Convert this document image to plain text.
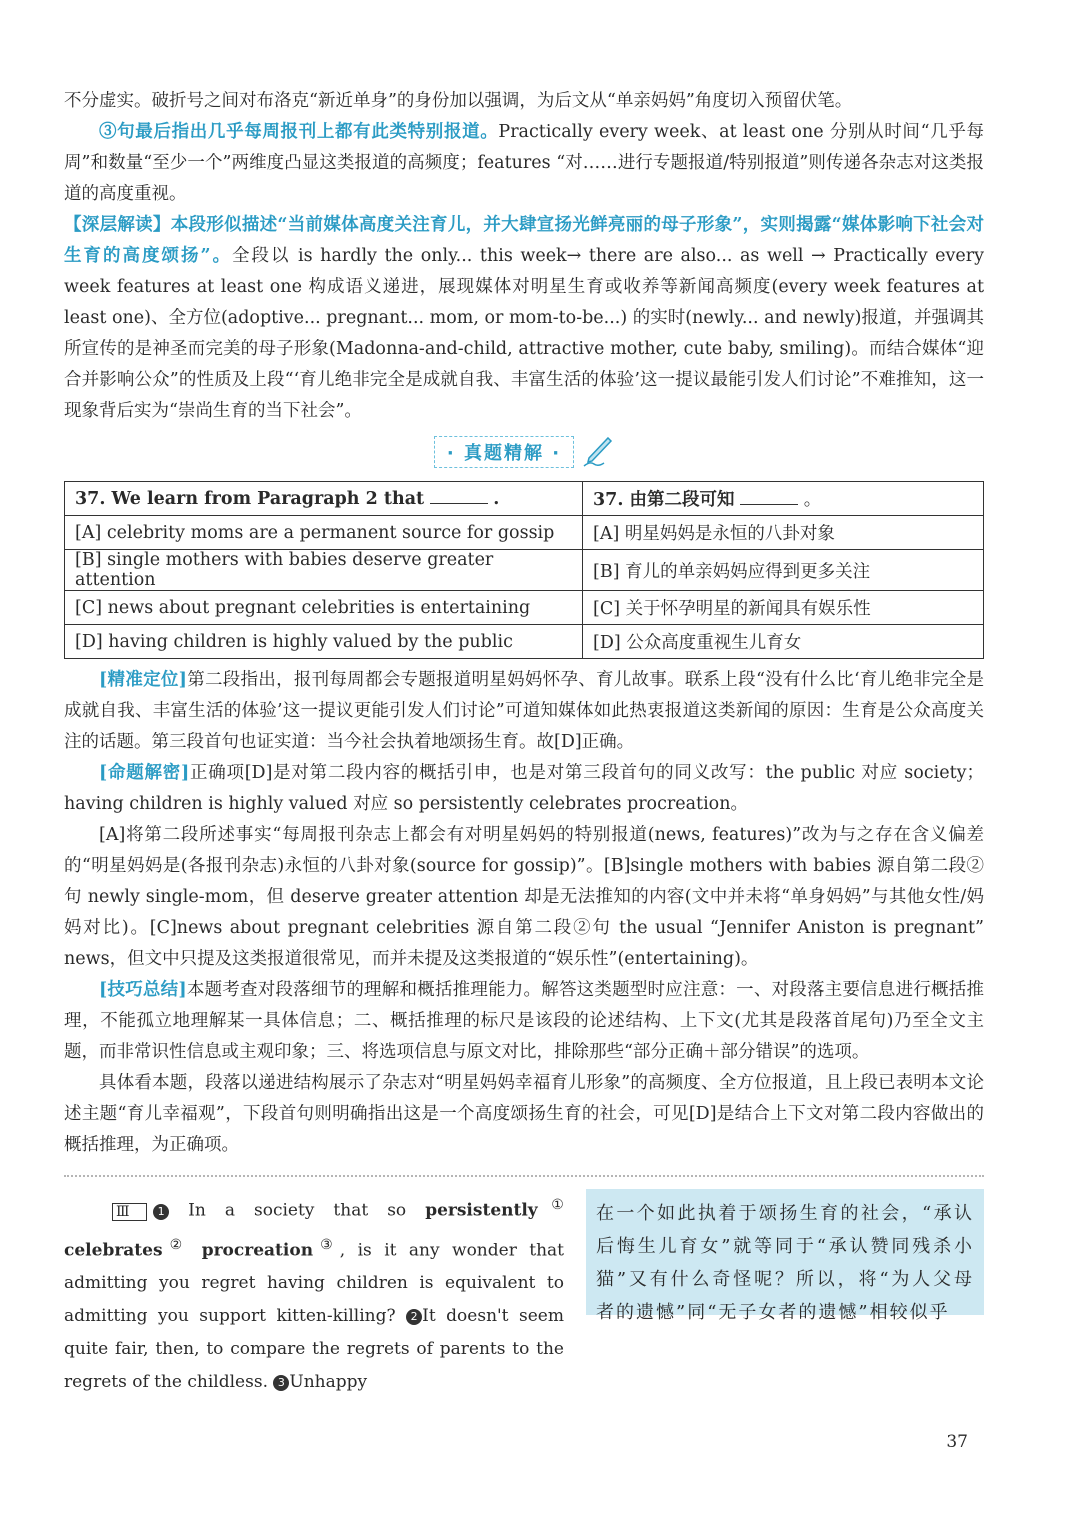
不分虚实。破折号之间对布洛克“新近单身”的身份加以强调，为后文从“单亲妈妈”角度切入预留伏笔。

③句最后指出几乎每周报刊上都有此类特别报道。Practically every week、at least one 分别从时间“几乎每周”和数量“至少一个”两维度凸显这类报道的高频度；features “对……进行专题报道/特别报道”则传递各杂志对这类报道的高度重视。

【深层解读】本段形似描述“当前媒体高度关注育儿，并大肆宣扬光鲜亮丽的母子形象”，实则揭露“媒体影响下社会对生育的高度颂扬”。全段以 is hardly the only... this week→ there are also... as well → Practically every week features at least one 构成语义递进，展现媒体对明星生育或收养等新闻高频度(every week features at least one)、全方位(adoptive... pregnant... mom, or mom-to-be...) 的实时(newly... and newly)报道，并强调其所宣传的是神圣而完美的母子形象(Madonna-and-child, attractive mother, cute baby, smiling)。而结合媒体“迎合并影响公众”的性质及上段“‘育儿绝非完全是成就自我、丰富生活的体验’这一提议最能引发人们讨论”不难推知，这一现象背后实为“崇尚生育的当下社会”。

· 真题精解 ·
37. We learn from Paragraph 2 that .	37. 由第二段可知 。
[A] celebrity moms are a permanent source for gossip	[A] 明星妈妈是永恒的八卦对象
[B] single mothers with babies deserve greater attention	[B] 育儿的单亲妈妈应得到更多关注
[C] news about pregnant celebrities is entertaining	[C] 关于怀孕明星的新闻具有娱乐性
[D] having children is highly valued by the public	[D] 公众高度重视生儿育女

[精准定位]第二段指出，报刊每周都会专题报道明星妈妈怀孕、育儿故事。联系上段“没有什么比‘育儿绝非完全是成就自我、丰富生活的体验’这一提议更能引发人们讨论”可道知媒体如此热衷报道这类新闻的原因：生育是公众高度关注的话题。第三段首句也证实道：当今社会执着地颂扬生育。故[D]正确。

[命题解密]正确项[D]是对第二段内容的概括引申，也是对第三段首句的同义改写：the public 对应 society；having children is highly valued 对应 so persistently celebrates procreation。

[A]将第二段所述事实“每周报刊杂志上都会有对明星妈妈的特别报道(news, features)”改为与之存在含义偏差的“明星妈妈是(各报刊杂志)永恒的八卦对象(source for gossip)”。[B]single mothers with babies 源自第二段②句 newly single-mom，但 deserve greater attention 却是无法推知的内容(文中并未将“单身妈妈”与其他女性/妈妈对比)。[C]news about pregnant celebrities 源自第二段②句 the usual “Jennifer Aniston is pregnant” news，但文中只提及这类报道很常见，而并未提及这类报道的“娱乐性”(entertaining)。

[技巧总结]本题考查对段落细节的理解和概括推理能力。解答这类题型时应注意：一、对段落主要信息进行概括推理，不能孤立地理解某一具体信息；二、概括推理的标尺是该段的论述结构、上下文(尤其是段落首尾句)乃至全文主题，而非常识性信息或主观印象；三、将选项信息与原文对比，排除那些“部分正确＋部分错误”的选项。

具体看本题，段落以递进结构展示了杂志对“明星妈妈幸福育儿形象”的高频度、全方位报道，且上段已表明本文论述主题“育儿幸福观”，下段首句则明确指出这是一个高度颂扬生育的社会，可见[D]是结合上下文对第二段内容做出的概括推理，为正确项。

Ⅲ 1 In a society that so persistently① celebrates② procreation③, is it any wonder that admitting you regret having children is equivalent to admitting you support kitten-killing? 2 It doesn't seem quite fair, then, to compare the regrets of parents to the regrets of the childless. 3 Unhappy
在一个如此执着于颂扬生育的社会，“承认后悔生儿育女”就等同于“承认赞同残杀小猫”又有什么奇怪呢？所以，将“为人父母者的遗憾”同“无子女者的遗憾”相较似乎
37
